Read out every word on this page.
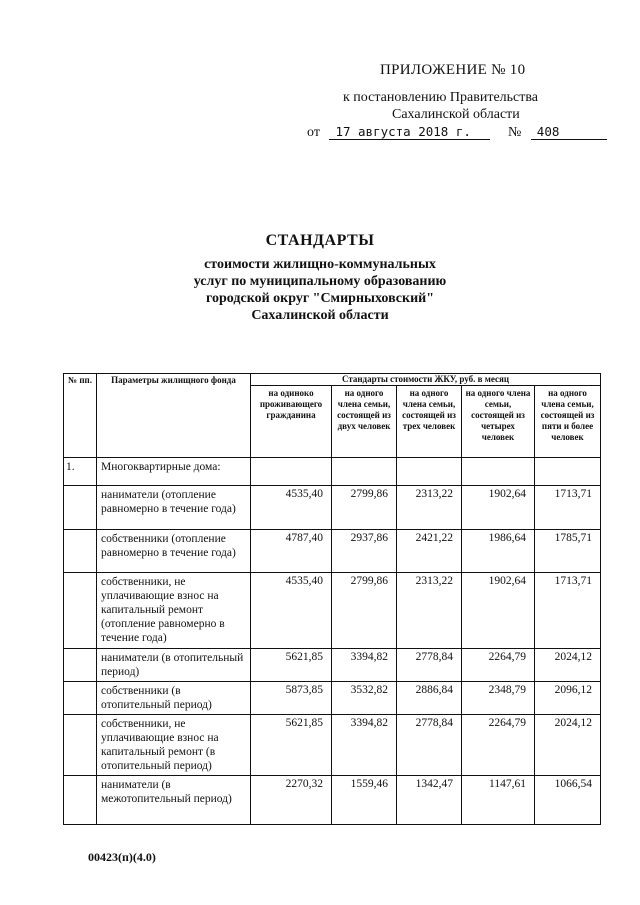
ПРИЛОЖЕНИЕ № 10
к постановлению Правительства
Сахалинской области
от 17 августа 2018 г.	№ 408
СТАНДАРТЫ
стоимости жилищно-коммунальных
услуг по муниципальному образованию
городской округ "Смирныховский"
Сахалинской области
№ пп.	Параметры жилищного фонда	Стандарты стоимости ЖКУ, руб. в месяц				
		на одиноко проживающего гражданина	на одного члена семьи, состоящей из двух человек	на одного члена семьи, состоящей из трех человек	на одного члена семьи, состоящей из четырех человек	на одного члена семьи, состоящей из пяти и более человек
1.	Многоквартирные дома:					
	наниматели (отопление равномерно в течение года)	4535,40	2799,86	2313,22	1902,64	1713,71
	собственники (отопление равномерно в течение года)	4787,40	2937,86	2421,22	1986,64	1785,71
	собственники, не уплачивающие взнос на капитальный ремонт (отопление равномерно в течение года)	4535,40	2799,86	2313,22	1902,64	1713,71
	наниматели (в отопительный период)	5621,85	3394,82	2778,84	2264,79	2024,12
	собственники (в отопительный период)	5873,85	3532,82	2886,84	2348,79	2096,12
	собственники, не уплачивающие взнос на капитальный ремонт (в отопительный период)	5621,85	3394,82	2778,84	2264,79	2024,12
	наниматели (в межотопительный период)	2270,32	1559,46	1342,47	1147,61	1066,54
00423(п)(4.0)
